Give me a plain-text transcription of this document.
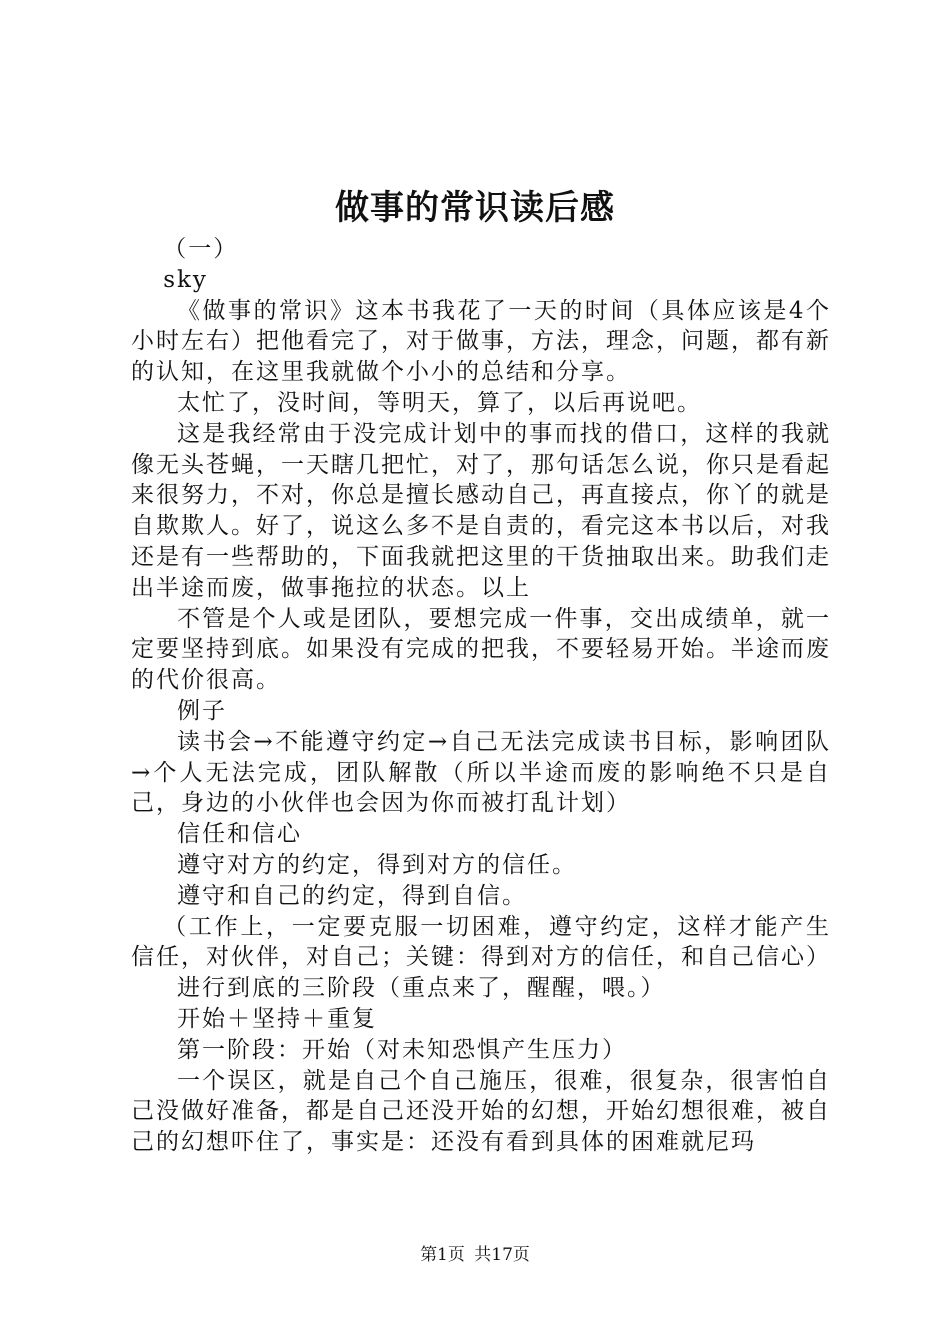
做事的常识读后感

（一）

sky

《做事的常识》这本书我花了一天的时间（具体应该是4个小时左右）把他看完了，对于做事，方法，理念，问题，都有新的认知，在这里我就做个小小的总结和分享。

太忙了，没时间，等明天，算了，以后再说吧。

这是我经常由于没完成计划中的事而找的借口，这样的我就像无头苍蝇，一天瞎几把忙，对了，那句话怎么说，你只是看起来很努力，不对，你总是擅长感动自己，再直接点，你丫的就是自欺欺人。好了，说这么多不是自责的，看完这本书以后，对我还是有一些帮助的，下面我就把这里的干货抽取出来。助我们走出半途而废，做事拖拉的状态。以上

不管是个人或是团队，要想完成一件事，交出成绩单，就一定要坚持到底。如果没有完成的把我，不要轻易开始。半途而废的代价很高。

例子

读书会→不能遵守约定→自己无法完成读书目标，影响团队→个人无法完成，团队解散（所以半途而废的影响绝不只是自己，身边的小伙伴也会因为你而被打乱计划）

信任和信心

遵守对方的约定，得到对方的信任。

遵守和自己的约定，得到自信。

（工作上，一定要克服一切困难，遵守约定，这样才能产生信任，对伙伴，对自己；关键：得到对方的信任，和自己信心）

进行到底的三阶段（重点来了，醒醒，喂。）

开始＋坚持＋重复

第一阶段：开始（对未知恐惧产生压力）

一个误区，就是自己个自己施压，很难，很复杂，很害怕自己没做好准备，都是自己还没开始的幻想，开始幻想很难，被自己的幻想吓住了，事实是：还没有看到具体的困难就尼玛

第1页 共17页
